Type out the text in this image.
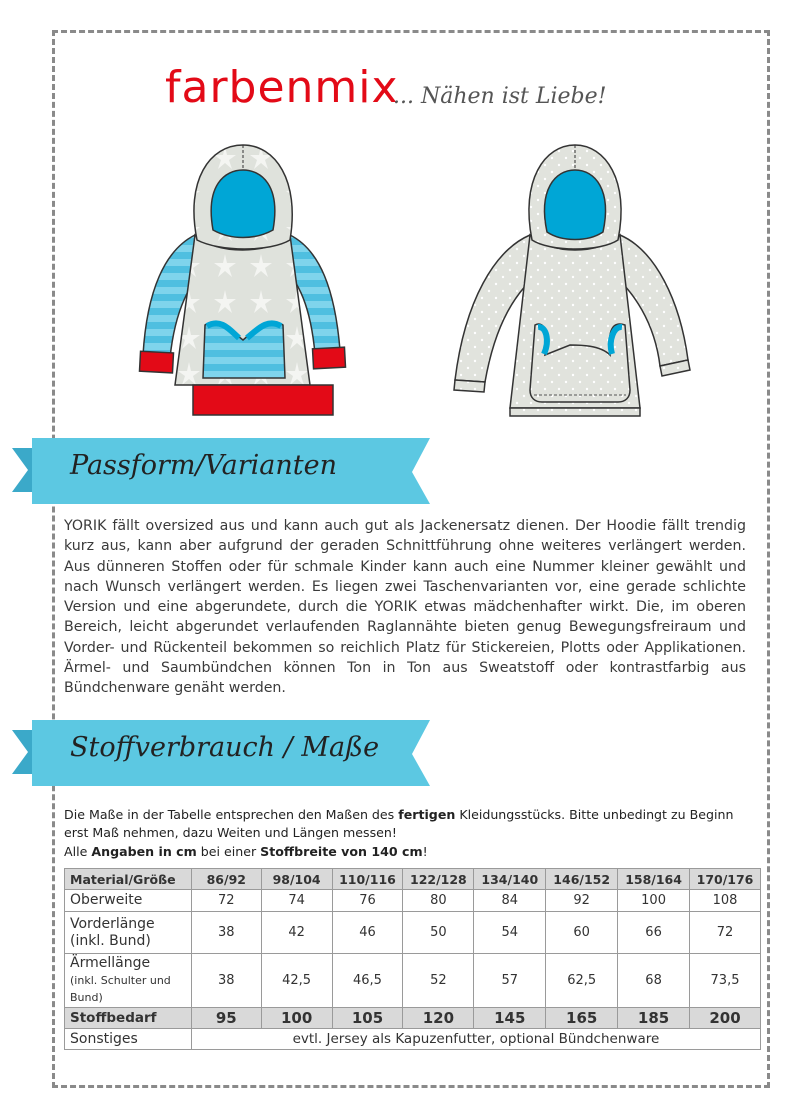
farbenmix
... Nähen ist Liebe!
Passform/Varianten

YORIK fällt oversized aus und kann auch gut als Jackenersatz dienen. Der Hoodie fällt trendig kurz aus, kann aber aufgrund der geraden Schnittführung ohne weiteres verlängert werden. Aus dünneren Stoffen oder für schmale Kinder kann auch eine Nummer kleiner gewählt und nach Wunsch verlängert werden. Es liegen zwei Taschenvarianten vor, eine gerade schlichte Version und eine abgerundete, durch die YORIK etwas mädchenhafter wirkt. Die, im oberen Bereich, leicht abgerundet verlaufenden Raglannähte bieten genug Bewegungsfreiraum und Vorder- und Rückenteil bekommen so reichlich Platz für Stickereien, Plotts oder Applikationen. Ärmel- und Saumbündchen können Ton in Ton aus Sweatstoff oder kontrastfarbig aus Bündchenware genäht werden.

Stoffverbrauch / Maße

Die Maße in der Tabelle entsprechen den Maßen des fertigen Kleidungsstücks. Bitte unbedingt zu Beginn erst Maß nehmen, dazu Weiten und Längen messen!
Alle Angaben in cm bei einer Stoffbreite von 140 cm!

Material/Größe	86/92	98/104	110/116	122/128	134/140	146/152	158/164	170/176
Oberweite	72	74	76	80	84	92	100	108
Vorderlänge
(inkl. Bund)	38	42	46	50	54	60	66	72
Ärmellänge
(inkl. Schulter und Bund)	38	42,5	46,5	52	57	62,5	68	73,5
Stoffbedarf	95	100	105	120	145	165	185	200
Sonstiges	evtl. Jersey als Kapuzenfutter, optional Bündchenware							
